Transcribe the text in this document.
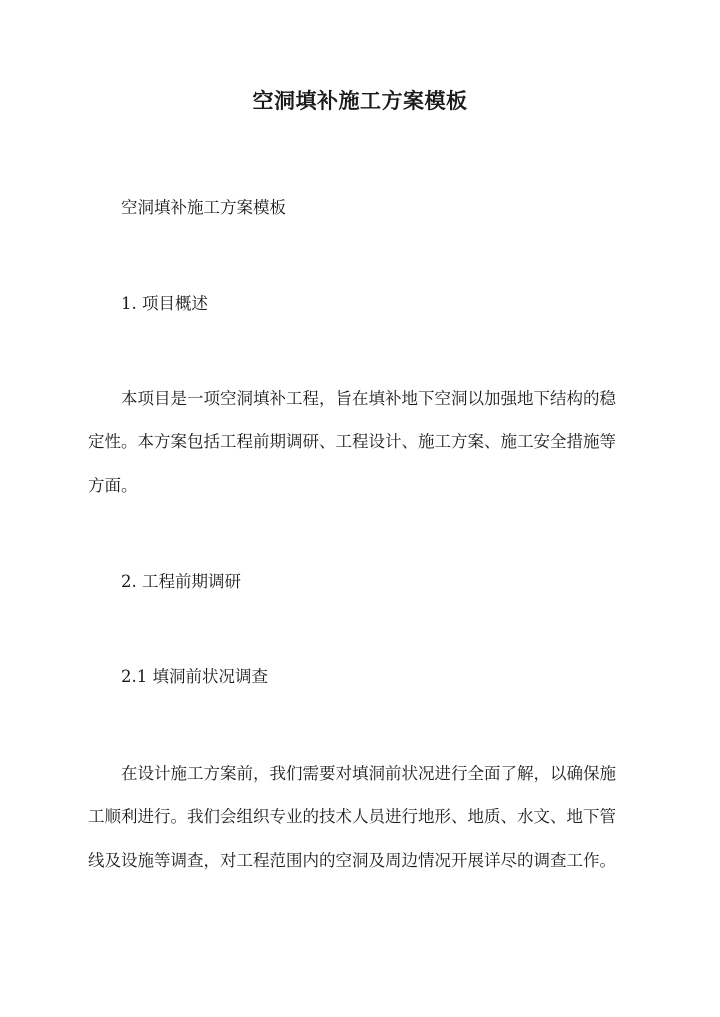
空洞填补施工方案模板
空洞填补施工方案模板
1. 项目概述
本项目是一项空洞填补工程，旨在填补地下空洞以加强地下结构的稳
定性。本方案包括工程前期调研、工程设计、施工方案、施工安全措施等
方面。
2. 工程前期调研
2.1 填洞前状况调查
在设计施工方案前，我们需要对填洞前状况进行全面了解，以确保施
工顺利进行。我们会组织专业的技术人员进行地形、地质、水文、地下管
线及设施等调查，对工程范围内的空洞及周边情况开展详尽的调查工作。
